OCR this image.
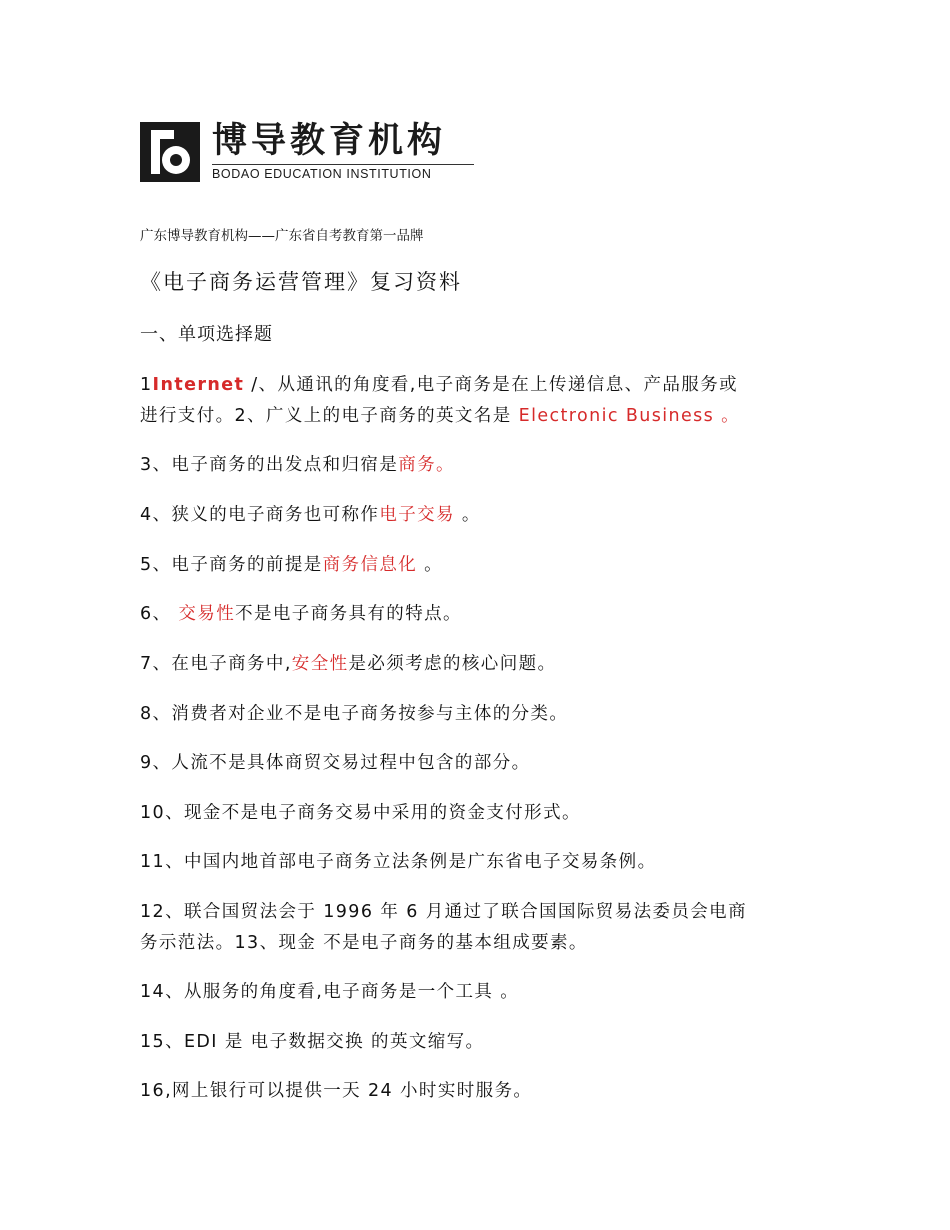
博导教育机构
BODAO EDUCATION INSTITUTION
广东博导教育机构——广东省自考教育第一品牌
《电子商务运营管理》复习资料
一、单项选择题
1Internet /、从通讯的角度看,电子商务是在上传递信息、产品服务或
进行支付。2、广义上的电子商务的英文名是 Electronic Business 。
3、电子商务的出发点和归宿是商务。
4、狭义的电子商务也可称作电子交易 。
5、电子商务的前提是商务信息化 。
6、 交易性不是电子商务具有的特点。
7、在电子商务中,安全性是必须考虑的核心问题。
8、消费者对企业不是电子商务按参与主体的分类。
9、人流不是具体商贸交易过程中包含的部分。
10、现金不是电子商务交易中采用的资金支付形式。
11、中国内地首部电子商务立法条例是广东省电子交易条例。
12、联合国贸法会于 1996 年 6 月通过了联合国国际贸易法委员会电商
务示范法。13、现金 不是电子商务的基本组成要素。
14、从服务的角度看,电子商务是一个工具 。
15、EDI 是 电子数据交换 的英文缩写。
16,网上银行可以提供一天 24 小时实时服务。
